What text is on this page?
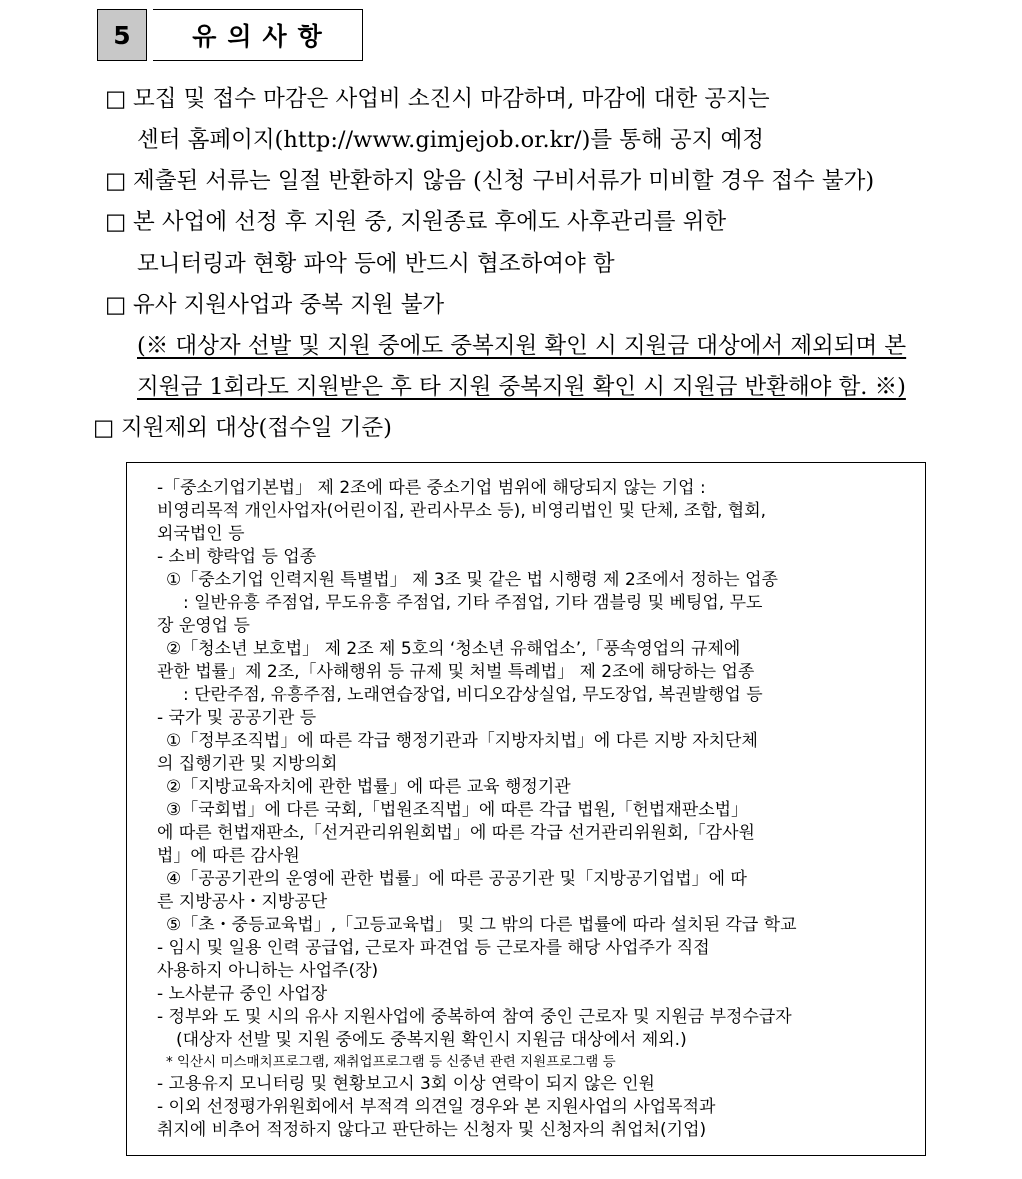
5	유의사항
□ 모집 및 접수 마감은 사업비 소진시 마감하며, 마감에 대한 공지는
센터 홈페이지(http://www.gimjejob.or.kr/)를 통해 공지 예정
□ 제출된 서류는 일절 반환하지 않음 (신청 구비서류가 미비할 경우 접수 불가)
□ 본 사업에 선정 후 지원 중, 지원종료 후에도 사후관리를 위한
모니터링과 현황 파악 등에 반드시 협조하여야 함
□ 유사 지원사업과 중복 지원 불가
(※ 대상자 선발 및 지원 중에도 중복지원 확인 시 지원금 대상에서 제외되며 본
지원금 1회라도 지원받은 후 타 지원 중복지원 확인 시 지원금 반환해야 함. ※)
□ 지원제외 대상(접수일 기준)
-「중소기업기본법」 제 2조에 따른 중소기업 범위에 해당되지 않는 기업 :
비영리목적 개인사업자(어린이집, 관리사무소 등), 비영리법인 및 단체, 조합, 협회,
외국법인 등
- 소비 향락업 등 업종
①「중소기업 인력지원 특별법」 제 3조 및 같은 법 시행령 제 2조에서 정하는 업종
: 일반유흥 주점업, 무도유흥 주점업, 기타 주점업, 기타 갬블링 및 베팅업, 무도
장 운영업 등
②「청소년 보호법」 제 2조 제 5호의 ‘청소년 유해업소’,「풍속영업의 규제에
관한 법률」제 2조,「사해행위 등 규제 및 처벌 특례법」 제 2조에 해당하는 업종
: 단란주점, 유흥주점, 노래연습장업, 비디오감상실업, 무도장업, 복권발행업 등
- 국가 및 공공기관 등
①「정부조직법」에 따른 각급 행정기관과「지방자치법」에 다른 지방 자치단체
의 집행기관 및 지방의회
②「지방교육자치에 관한 법률」에 따른 교육 행정기관
③「국회법」에 다른 국회,「법원조직법」에 따른 각급 법원,「헌법재판소법」
에 따른 헌법재판소,「선거관리위원회법」에 따른 각급 선거관리위원회,「감사원
법」에 따른 감사원
④「공공기관의 운영에 관한 법률」에 따른 공공기관 및「지방공기업법」에 따
른 지방공사・지방공단
⑤「초・중등교육법」,「고등교육법」 및 그 밖의 다른 법률에 따라 설치된 각급 학교
- 임시 및 일용 인력 공급업, 근로자 파견업 등 근로자를 해당 사업주가 직접
사용하지 아니하는 사업주(장)
- 노사분규 중인 사업장
- 정부와 도 및 시의 유사 지원사업에 중복하여 참여 중인 근로자 및 지원금 부정수급자
(대상자 선발 및 지원 중에도 중복지원 확인시 지원금 대상에서 제외.)
* 익산시 미스매치프로그램, 재취업프로그램 등 신중년 관련 지원프로그램 등
- 고용유지 모니터링 및 현황보고시 3회 이상 연락이 되지 않은 인원
- 이외 선정평가위원회에서 부적격 의견일 경우와 본 지원사업의 사업목적과
취지에 비추어 적정하지 않다고 판단하는 신청자 및 신청자의 취업처(기업)
